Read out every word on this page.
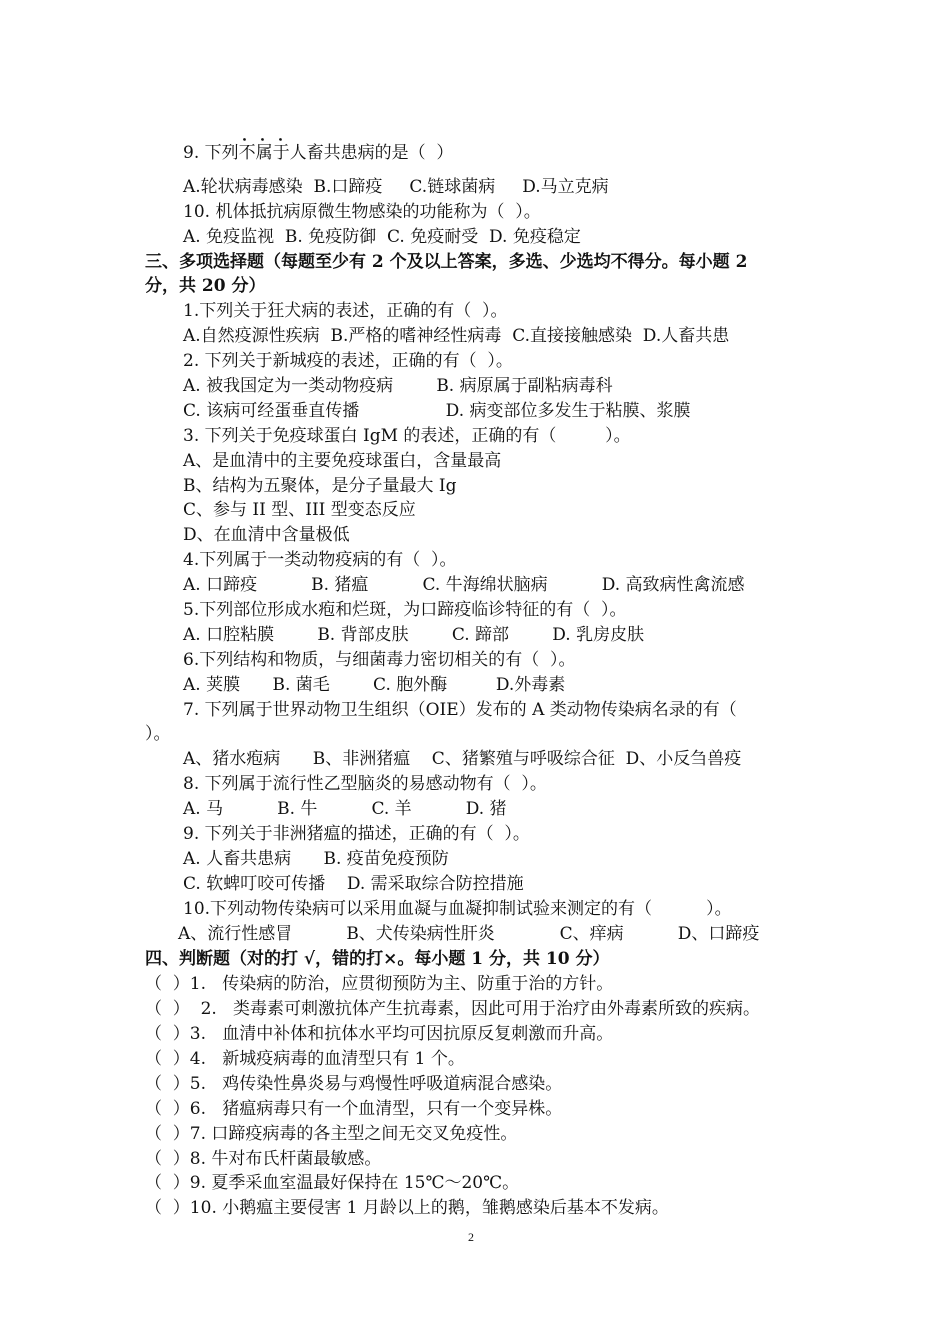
．．．
9. 下列不属于人畜共患病的是（  ）
A.轮状病毒感染  B.口蹄疫     C.链球菌病     D.马立克病
10. 机体抵抗病原微生物感染的功能称为（  ）。
A. 免疫监视  B. 免疫防御  C. 免疫耐受  D. 免疫稳定
三、多项选择题（每题至少有 2 个及以上答案，多选、少选均不得分。每小题 2
分，共 20 分）
1.下列关于狂犬病的表述，正确的有（  ）。
A.自然疫源性疾病  B.严格的嗜神经性病毒  C.直接接触感染  D.人畜共患
2. 下列关于新城疫的表述，正确的有（  ）。
A. 被我国定为一类动物疫病        B. 病原属于副粘病毒科
C. 该病可经蛋垂直传播                D. 病变部位多发生于粘膜、浆膜
3. 下列关于免疫球蛋白 IgM 的表述，正确的有（         ）。
A、是血清中的主要免疫球蛋白，含量最高
B、结构为五聚体，是分子量最大 Ig
C、参与 II 型、III 型变态反应
D、在血清中含量极低
4.下列属于一类动物疫病的有（  ）。
A. 口蹄疫          B. 猪瘟          C. 牛海绵状脑病          D. 高致病性禽流感
5.下列部位形成水疱和烂斑，为口蹄疫临诊特征的有（  ）。
A. 口腔粘膜        B. 背部皮肤        C. 蹄部        D. 乳房皮肤
6.下列结构和物质，与细菌毒力密切相关的有（  ）。
A. 荚膜      B. 菌毛        C. 胞外酶         D.外毒素
7. 下列属于世界动物卫生组织（OIE）发布的 A 类动物传染病名录的有（
）。
A、猪水疱病      B、非洲猪瘟    C、猪繁殖与呼吸综合征  D、小反刍兽疫
8. 下列属于流行性乙型脑炎的易感动物有（  ）。
A. 马          B. 牛          C. 羊          D. 猪
9. 下列关于非洲猪瘟的描述，正确的有（  ）。
A. 人畜共患病      B. 疫苗免疫预防
C. 软蜱叮咬可传播    D. 需采取综合防控措施
10.下列动物传染病可以采用血凝与血凝抑制试验来测定的有（          ）。
A、流行性感冒          B、犬传染病性肝炎            C、痒病          D、口蹄疫
四、判断题（对的打 √，错的打×。每小题 1 分，共 10 分）
（  ）1.   传染病的防治，应贯彻预防为主、防重于治的方针。
（  ）  2.   类毒素可刺激抗体产生抗毒素，因此可用于治疗由外毒素所致的疾病。
（  ）3.   血清中补体和抗体水平均可因抗原反复刺激而升高。
（  ）4.   新城疫病毒的血清型只有 1 个。
（  ）5.   鸡传染性鼻炎易与鸡慢性呼吸道病混合感染。
（  ）6.   猪瘟病毒只有一个血清型，只有一个变异株。
（  ）7. 口蹄疫病毒的各主型之间无交叉免疫性。
（  ）8. 牛对布氏杆菌最敏感。
（  ）9. 夏季采血室温最好保持在 15℃～20℃。
（  ）10. 小鹅瘟主要侵害 1 月龄以上的鹅，雏鹅感染后基本不发病。
2
